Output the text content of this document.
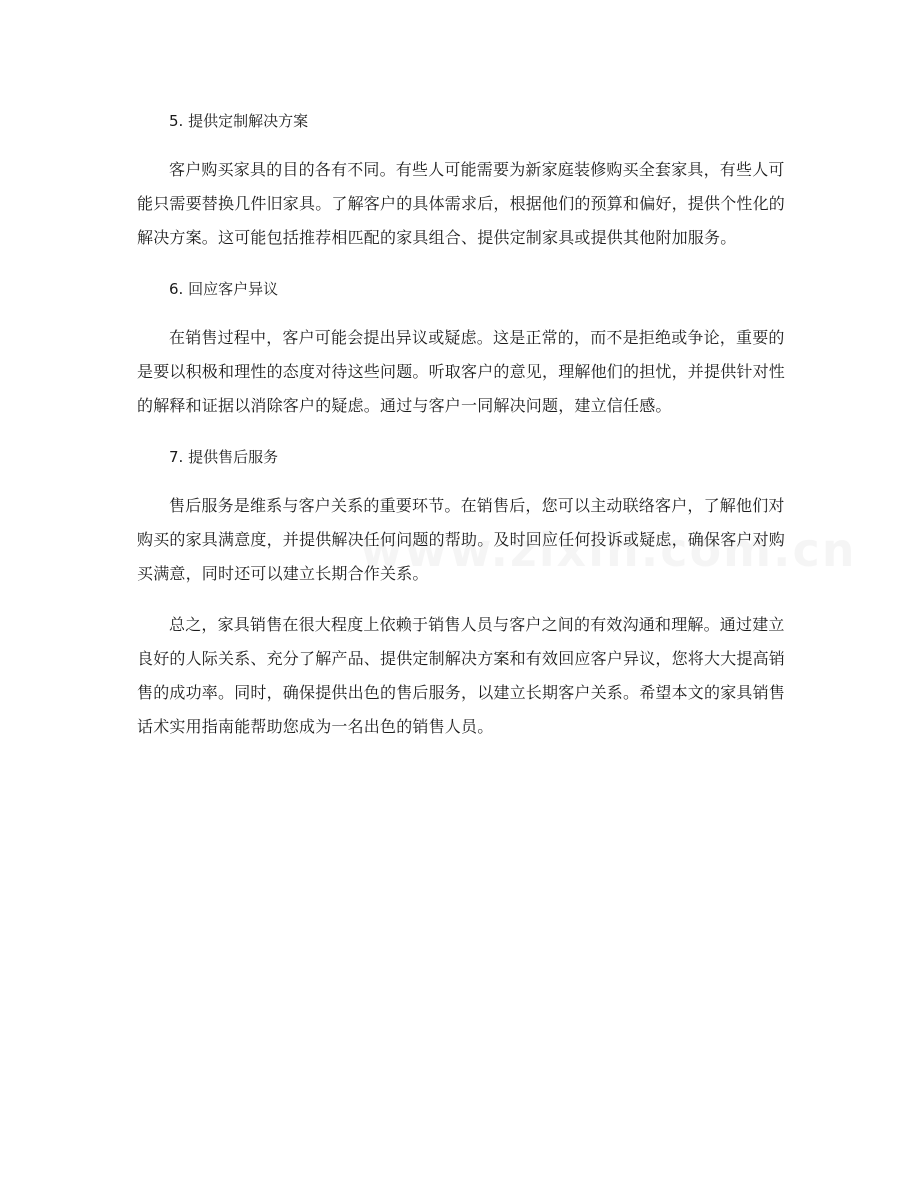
5. 提供定制解决方案

客户购买家具的目的各有不同。有些人可能需要为新家庭装修购买全套家具，有些人可能只需要替换几件旧家具。了解客户的具体需求后，根据他们的预算和偏好，提供个性化的解决方案。这可能包括推荐相匹配的家具组合、提供定制家具或提供其他附加服务。

6. 回应客户异议

在销售过程中，客户可能会提出异议或疑虑。这是正常的，而不是拒绝或争论，重要的是要以积极和理性的态度对待这些问题。听取客户的意见，理解他们的担忧，并提供针对性的解释和证据以消除客户的疑虑。通过与客户一同解决问题，建立信任感。

7. 提供售后服务

售后服务是维系与客户关系的重要环节。在销售后，您可以主动联络客户，了解他们对购买的家具满意度，并提供解决任何问题的帮助。及时回应任何投诉或疑虑，确保客户对购买满意，同时还可以建立长期合作关系。

总之，家具销售在很大程度上依赖于销售人员与客户之间的有效沟通和理解。通过建立良好的人际关系、充分了解产品、提供定制解决方案和有效回应客户异议，您将大大提高销售的成功率。同时，确保提供出色的售后服务，以建立长期客户关系。希望本文的家具销售话术实用指南能帮助您成为一名出色的销售人员。
